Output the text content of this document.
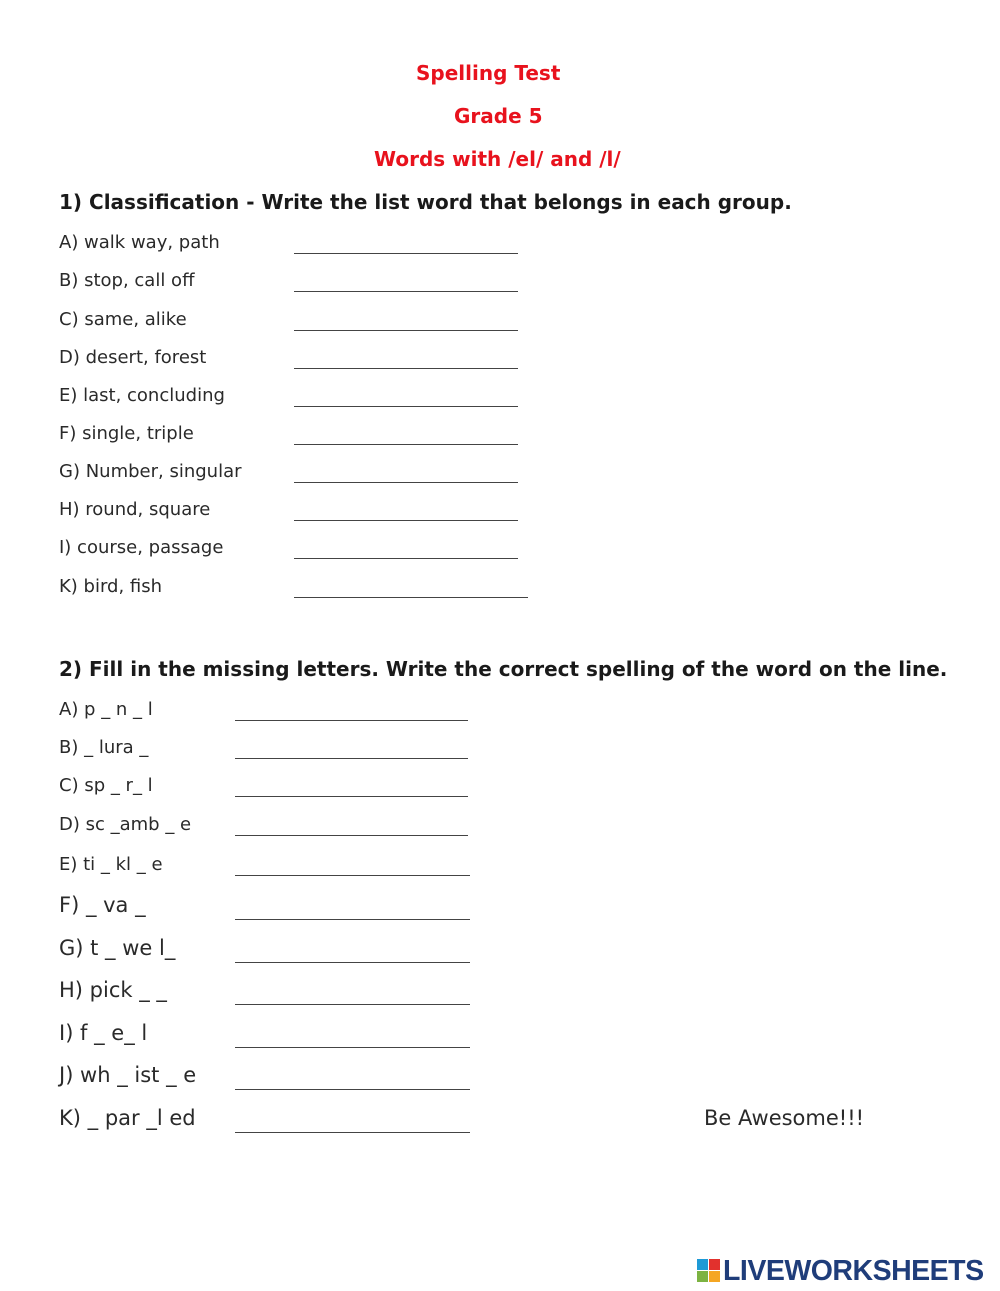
Spelling Test
Grade 5
Words with /el/ and /l/
1) Classification - Write the list word that belongs in each group.
A) walk way, path
B) stop, call off
C) same, alike
D) desert, forest
E) last, concluding
F) single, triple
G) Number, singular
H) round, square
I) course, passage
K) bird, fish
2) Fill in the missing letters. Write the correct spelling of the word on the line.
A) p _ n _ l
B) _ lura _
C) sp _ r_ l
D) sc _amb _ e
E) ti _ kl _ e
F) _ va _
G) t _ we l_
H) pick _ _
I) f _ e_ l
J) wh _ ist _ e
K) _ par _l ed	Be Awesome!!!
LIVEWORKSHEETS
